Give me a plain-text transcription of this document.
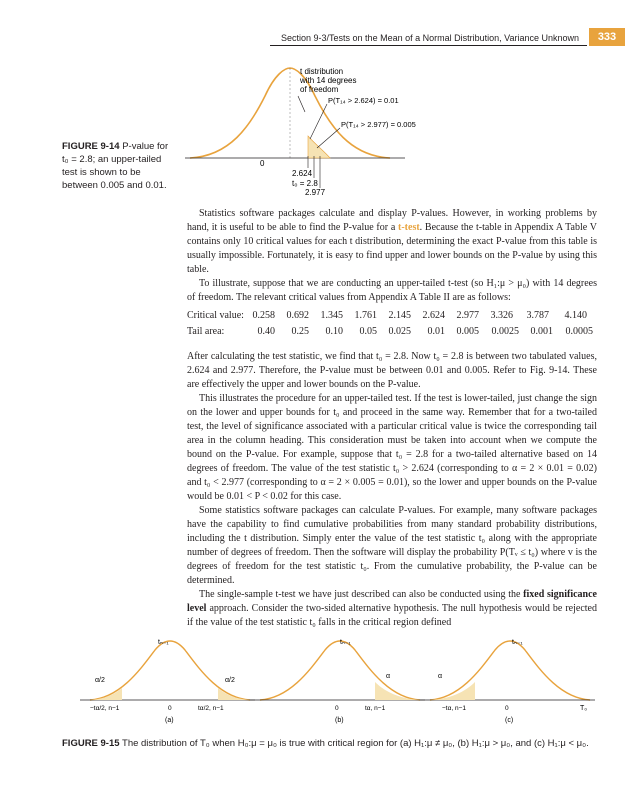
Section 9-3/Tests on the Mean of a Normal Distribution, Variance Unknown	333
t distribution
with 14 degrees
of freedom
P(T₁₄ > 2.624) = 0.01
P(T₁₄ > 2.977) = 0.005
0
2.624
t₀ = 2.8
2.977
FIGURE 9-14 P-value for t₀ = 2.8; an upper-tailed test is shown to be between 0.005 and 0.01.

Statistics software packages calculate and display P-values. However, in working problems by hand, it is useful to be able to find the P-value for a t-test. Because the t-table in Appendix A Table V contains only 10 critical values for each t distribution, determining the exact P-value from this table is usually impossible. Fortunately, it is easy to find upper and lower bounds on the P-value by using this table.

To illustrate, suppose that we are conducting an upper-tailed t-test (so H₁:μ > μ₀) with 14 degrees of freedom. The relevant critical values from Appendix A Table II are as follows:

Critical value: 0.258	0.692	1.345	1.761	2.145	2.624	2.977	3.326	3.787	4.140
Tail area:	0.40	0.25	0.10	0.05	0.025	0.01	0.005	0.0025	0.001	0.0005

After calculating the test statistic, we find that t₀ = 2.8. Now t₀ = 2.8 is between two tabulated values, 2.624 and 2.977. Therefore, the P-value must be between 0.01 and 0.005. Refer to Fig. 9-14. These are effectively the upper and lower bounds on the P-value.

This illustrates the procedure for an upper-tailed test. If the test is lower-tailed, just change the sign on the lower and upper bounds for t₀ and proceed in the same way. Remember that for a two-tailed test, the level of significance associated with a particular critical value is twice the corresponding tail area in the column heading. This consideration must be taken into account when we compute the bound on the P-value. For example, suppose that t₀ = 2.8 for a two-tailed alternative based on 14 degrees of freedom. The value of the test statistic t₀ > 2.624 (corresponding to α = 2 × 0.01 = 0.02) and t₀ < 2.977 (corresponding to α = 2 × 0.005 = 0.01), so the lower and upper bounds on the P-value would be 0.01 < P < 0.02 for this case.

Some statistics software packages can calculate P-values. For example, many software packages have the capability to find cumulative probabilities from many standard probability distributions, including the t distribution. Simply enter the value of the test statistic t₀ along with the appropriate number of degrees of freedom. Then the software will display the probability P(Tᵥ ≤ t₀) where v is the degrees of freedom for the test statistic t₀. From the cumulative probability, the P-value can be determined.

The single-sample t-test we have just described can also be conducted using the fixed significance level approach. Consider the two-sided alternative hypothesis. The null hypothesis would be rejected if the value of the test statistic t₀ falls in the critical region defined

tₙ₋₁
α/2	α/2
−tα/2, n−1	0	tα/2, n−1
(a)
tₙ₋₁
α
0	tα, n−1
(b)
tₙ₋₁
α
−tα, n−1	0	T₀
(c)
FIGURE 9-15 The distribution of T₀ when H₀:μ = μ₀ is true with critical region for (a) H₁:μ ≠ μ₀, (b) H₁:μ > μ₀, and (c) H₁:μ < μ₀.
